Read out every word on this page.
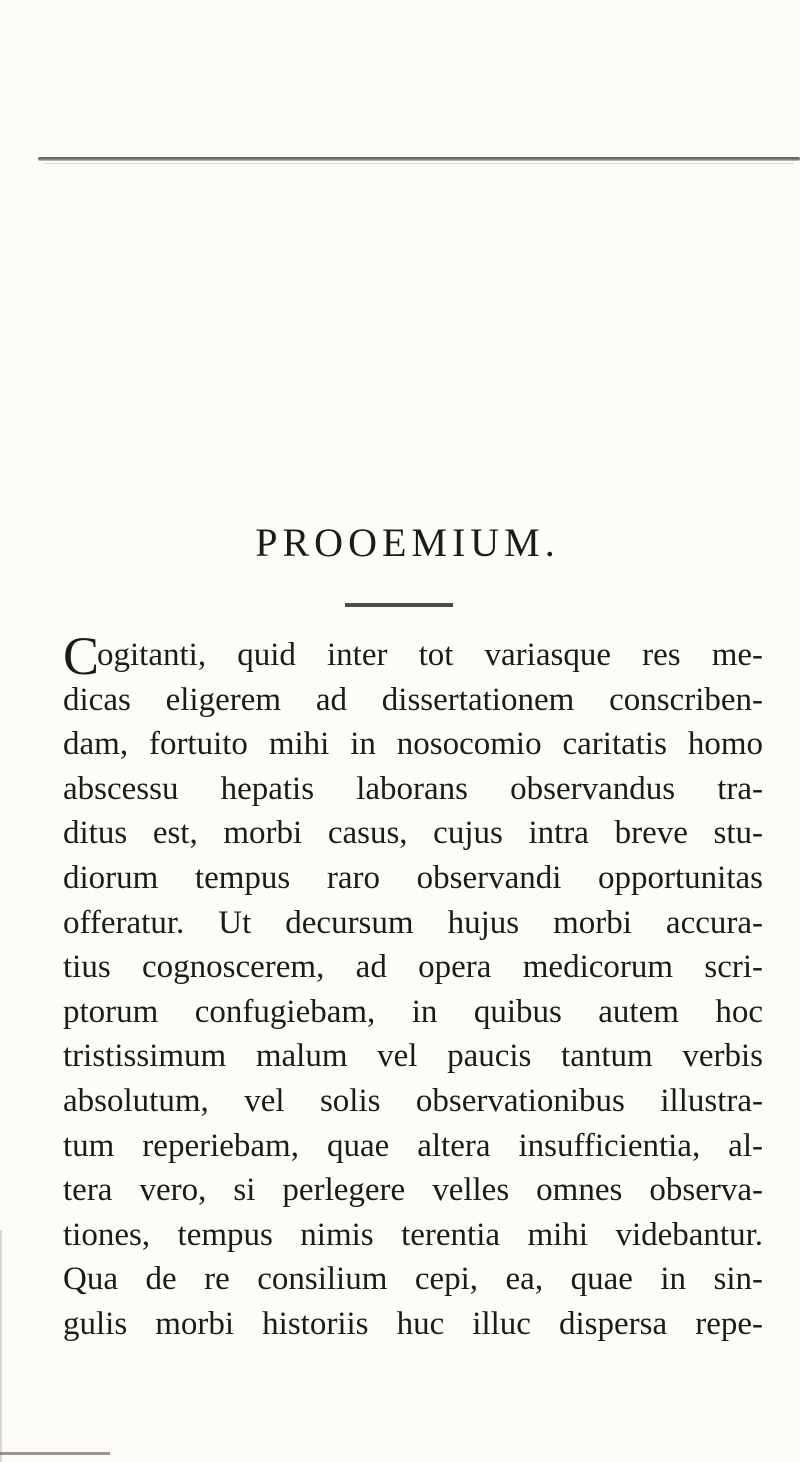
PROOEMIUM.
C
ogitanti, quid inter tot variasque res me-
dicas eligerem ad dissertationem conscriben-
dam, fortuito mihi in nosocomio caritatis homo
abscessu hepatis laborans observandus tra-
ditus est, morbi casus, cujus intra breve stu-
diorum tempus raro observandi opportunitas
offeratur. Ut decursum hujus morbi accura-
tius cognoscerem, ad opera medicorum scri-
ptorum confugiebam, in quibus autem hoc
tristissimum malum vel paucis tantum verbis
absolutum, vel solis observationibus illustra-
tum reperiebam, quae altera insufficientia, al-
tera vero, si perlegere velles omnes observa-
tiones, tempus nimis terentia mihi videbantur.
Qua de re consilium cepi, ea, quae in sin-
gulis morbi historiis huc illuc dispersa repe-
